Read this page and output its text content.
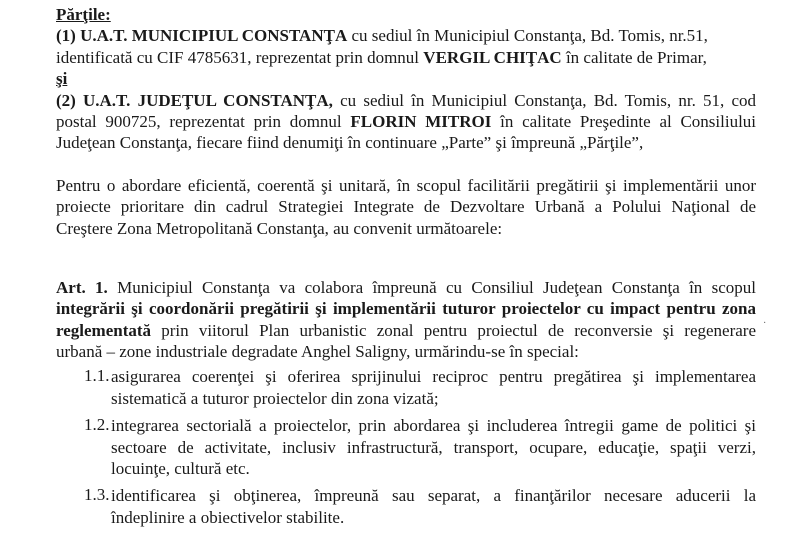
Părţile:
(1) U.A.T. MUNICIPIUL CONSTANŢA cu sediul în Municipiul Constanţa, Bd. Tomis, nr.51,
identificată cu CIF 4785631, reprezentat prin domnul VERGIL CHIŢAC în calitate de Primar,
şi
(2) U.A.T. JUDEŢUL CONSTANŢA, cu sediul în Municipiul Constanţa, Bd. Tomis, nr. 51, cod
postal 900725, reprezentat prin domnul FLORIN MITROI în calitate Preşedinte al Consiliului
Judeţean Constanţa, fiecare fiind denumiţi în continuare „Parte” şi împreună „Părţile”,
Pentru o abordare eficientă, coerentă şi unitară, în scopul facilitării pregătirii şi implementării unor
proiecte prioritare din cadrul Strategiei Integrate de Dezvoltare Urbană a Polului Naţional de
Creştere Zona Metropolitană Constanţa, au convenit următoarele:
Art. 1. Municipiul Constanţa va colabora împreună cu Consiliul Judeţean Constanţa în scopul
integrării şi coordonării pregătirii şi implementării tuturor proiectelor cu impact pentru zona
reglementată prin viitorul Plan urbanistic zonal pentru proiectul de reconversie şi regenerare
urbană – zone industriale degradate Anghel Saligny, urmărindu-se în special:
1.1. asigurarea coerenţei şi oferirea sprijinului reciproc pentru pregătirea şi implementarea
sistematică a tuturor proiectelor din zona vizată;
1.2. integrarea sectorială a proiectelor, prin abordarea şi includerea întregii game de politici şi
sectoare de activitate, inclusiv infrastructură, transport, ocupare, educaţie, spaţii verzi,
locuinţe, cultură etc.
1.3. identificarea şi obţinerea, împreună sau separat, a finanţărilor necesare aducerii la
îndeplinire a obiectivelor stabilite.
·
